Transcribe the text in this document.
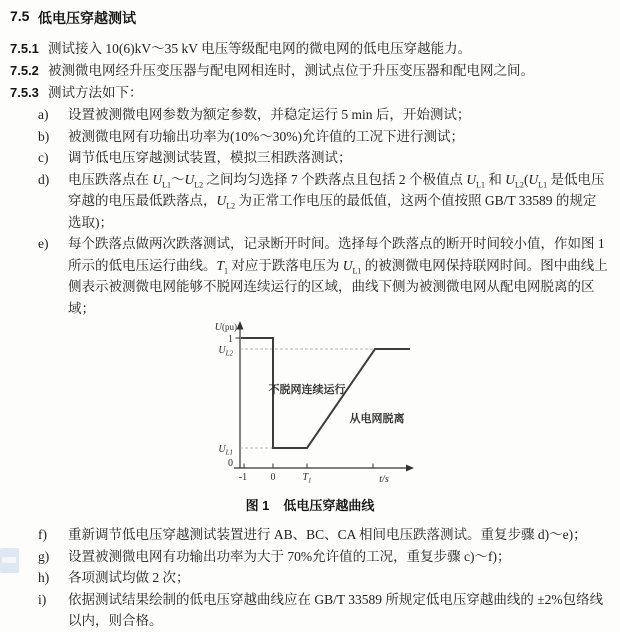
7.5 低电压穿越测试
7.5.1 测试接入 10(6)kV～35 kV 电压等级配电网的微电网的低电压穿越能力。
7.5.2 被测微电网经升压变压器与配电网相连时，测试点位于升压变压器和配电网之间。
7.5.3 测试方法如下：
a)	设置被测微电网参数为额定参数，并稳定运行 5 min 后，开始测试；
b)	被测微电网有功输出功率为(10%～30%)允许值的工况下进行测试；
c)	调节低电压穿越测试装置，模拟三相跌落测试；
d)	电压跌落点在 $U_{L1}\sim U_{L2}$ 之间均匀选择 7 个跌落点且包括 2 个极值点 $U_{L1}$ 和 $U_{L2}(U_{L1}$ 是低电压穿越的电压最低跌落点，$U_{L2}$ 为正常工作电压的最低值，这两个值按照 GB/T 33589 的规定选取)；
e)	每个跌落点做两次跌落测试，记录断开时间。选择每个跌落点的断开时间较小值，作如图 1 所示的低电压运行曲线。$T_1$ 对应于跌落电压为 $U_{L1}$ 的被测微电网保持联网时间。图中曲线上侧表示被测微电网能够不脱网连续运行的区域，曲线下侧为被测微电网从配电网脱离的区域；
U(pu)
1
UL2
UL1
0
-1 0	T1	t/s
不脱网连续运行
从电网脱离
图 1 低电压穿越曲线
f)	重新调节低电压穿越测试装置进行 AB、BC、CA 相间电压跌落测试。重复步骤 d)～e)；
g)	设置被测微电网有功输出功率为大于 70%允许值的工况，重复步骤 c)～f)；
h)	各项测试均做 2 次；
i)	依据测试结果绘制的低电压穿越曲线应在 GB/T 33589 所规定低电压穿越曲线的 ±2%包络线以内，则合格。
